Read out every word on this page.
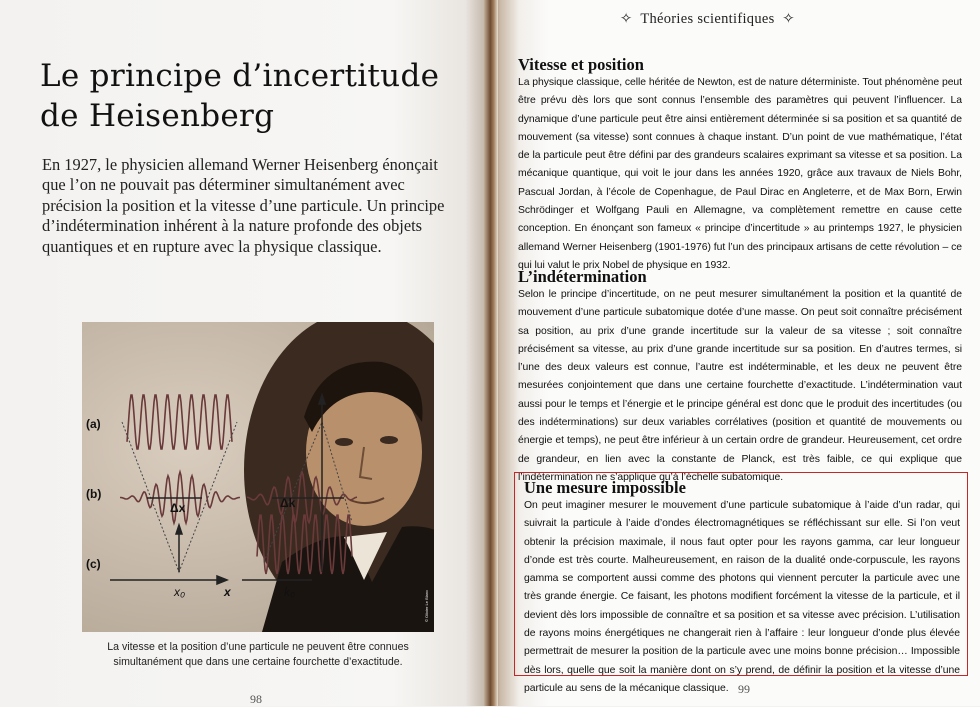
Le principe d’incertitude
de Heisenberg

En 1927, le physicien allemand Werner Heisenberg énonçait que l’on ne pouvait pas déterminer simultanément avec précision la position et la vitesse d’une particule. Un principe d’indétermination inhérent à la nature profonde des objets quantiques et en rupture avec la physique classique.

(a)
(b)
(c)
Δx	Δk
x₀	x	k₀	© Olivier Le Blanc

La vitesse et la position d’une particule ne peuvent être connues simultanément que dans une certaine fourchette d’exactitude.

98
✧ Théories scientifiques ✧
Vitesse et position

La physique classique, celle héritée de Newton, est de nature déterministe. Tout phénomène peut être prévu dès lors que sont connus l’ensemble des paramètres qui peuvent l’influencer. La dynamique d’une particule peut être ainsi entièrement déterminée si sa position et sa quantité de mouvement (sa vitesse) sont connues à chaque instant. D’un point de vue mathématique, l’état de la particule peut être défini par des grandeurs scalaires exprimant sa vitesse et sa position. La mécanique quantique, qui voit le jour dans les années 1920, grâce aux travaux de Niels Bohr, Pascual Jordan, à l’école de Copenhague, de Paul Dirac en Angleterre, et de Max Born, Erwin Schrödinger et Wolfgang Pauli en Allemagne, va complètement remettre en cause cette conception. En énonçant son fameux « principe d’incertitude » au printemps 1927, le physicien allemand Werner Heisenberg (1901-1976) fut l’un des principaux artisans de cette révolution – ce qui lui valut le prix Nobel de physique en 1932.

L’indétermination

Selon le principe d’incertitude, on ne peut mesurer simultanément la position et la quantité de mouvement d’une particule subatomique dotée d’une masse. On peut soit connaître précisément sa position, au prix d’une grande incertitude sur la valeur de sa vitesse ; soit connaître précisément sa vitesse, au prix d’une grande incertitude sur sa position. En d’autres termes, si l’une des deux valeurs est connue, l’autre est indéterminable, et les deux ne peuvent être mesurées conjointement que dans une certaine fourchette d’exactitude. L’indétermination vaut aussi pour le temps et l’énergie et le principe général est donc que le produit des incertitudes (ou des indéterminations) sur deux variables corrélatives (position et quantité de mouvements ou énergie et temps), ne peut être inférieur à un certain ordre de grandeur. Heureusement, cet ordre de grandeur, en lien avec la constante de Planck, est très faible, ce qui explique que l’indétermination ne s’applique qu’à l’échelle subatomique.

Une mesure impossible

On peut imaginer mesurer le mouvement d’une particule subatomique à l’aide d’un radar, qui suivrait la particule à l’aide d’ondes électromagnétiques se réfléchissant sur elle. Si l’on veut obtenir la précision maximale, il nous faut opter pour les rayons gamma, car leur longueur d’onde est très courte. Malheureusement, en raison de la dualité onde-corpuscule, les rayons gamma se comportent aussi comme des photons qui viennent percuter la particule avec une très grande énergie. Ce faisant, les photons modifient forcément la vitesse de la particule, et il devient dès lors impossible de connaître et sa position et sa vitesse avec précision. L’utilisation de rayons moins énergétiques ne changerait rien à l’affaire : leur longueur d’onde plus élevée permettrait de mesurer la position de la particule avec une moins bonne précision… Impossible dès lors, quelle que soit la manière dont on s’y prend, de définir la position et la vitesse d’une particule au sens de la mécanique classique. 99
